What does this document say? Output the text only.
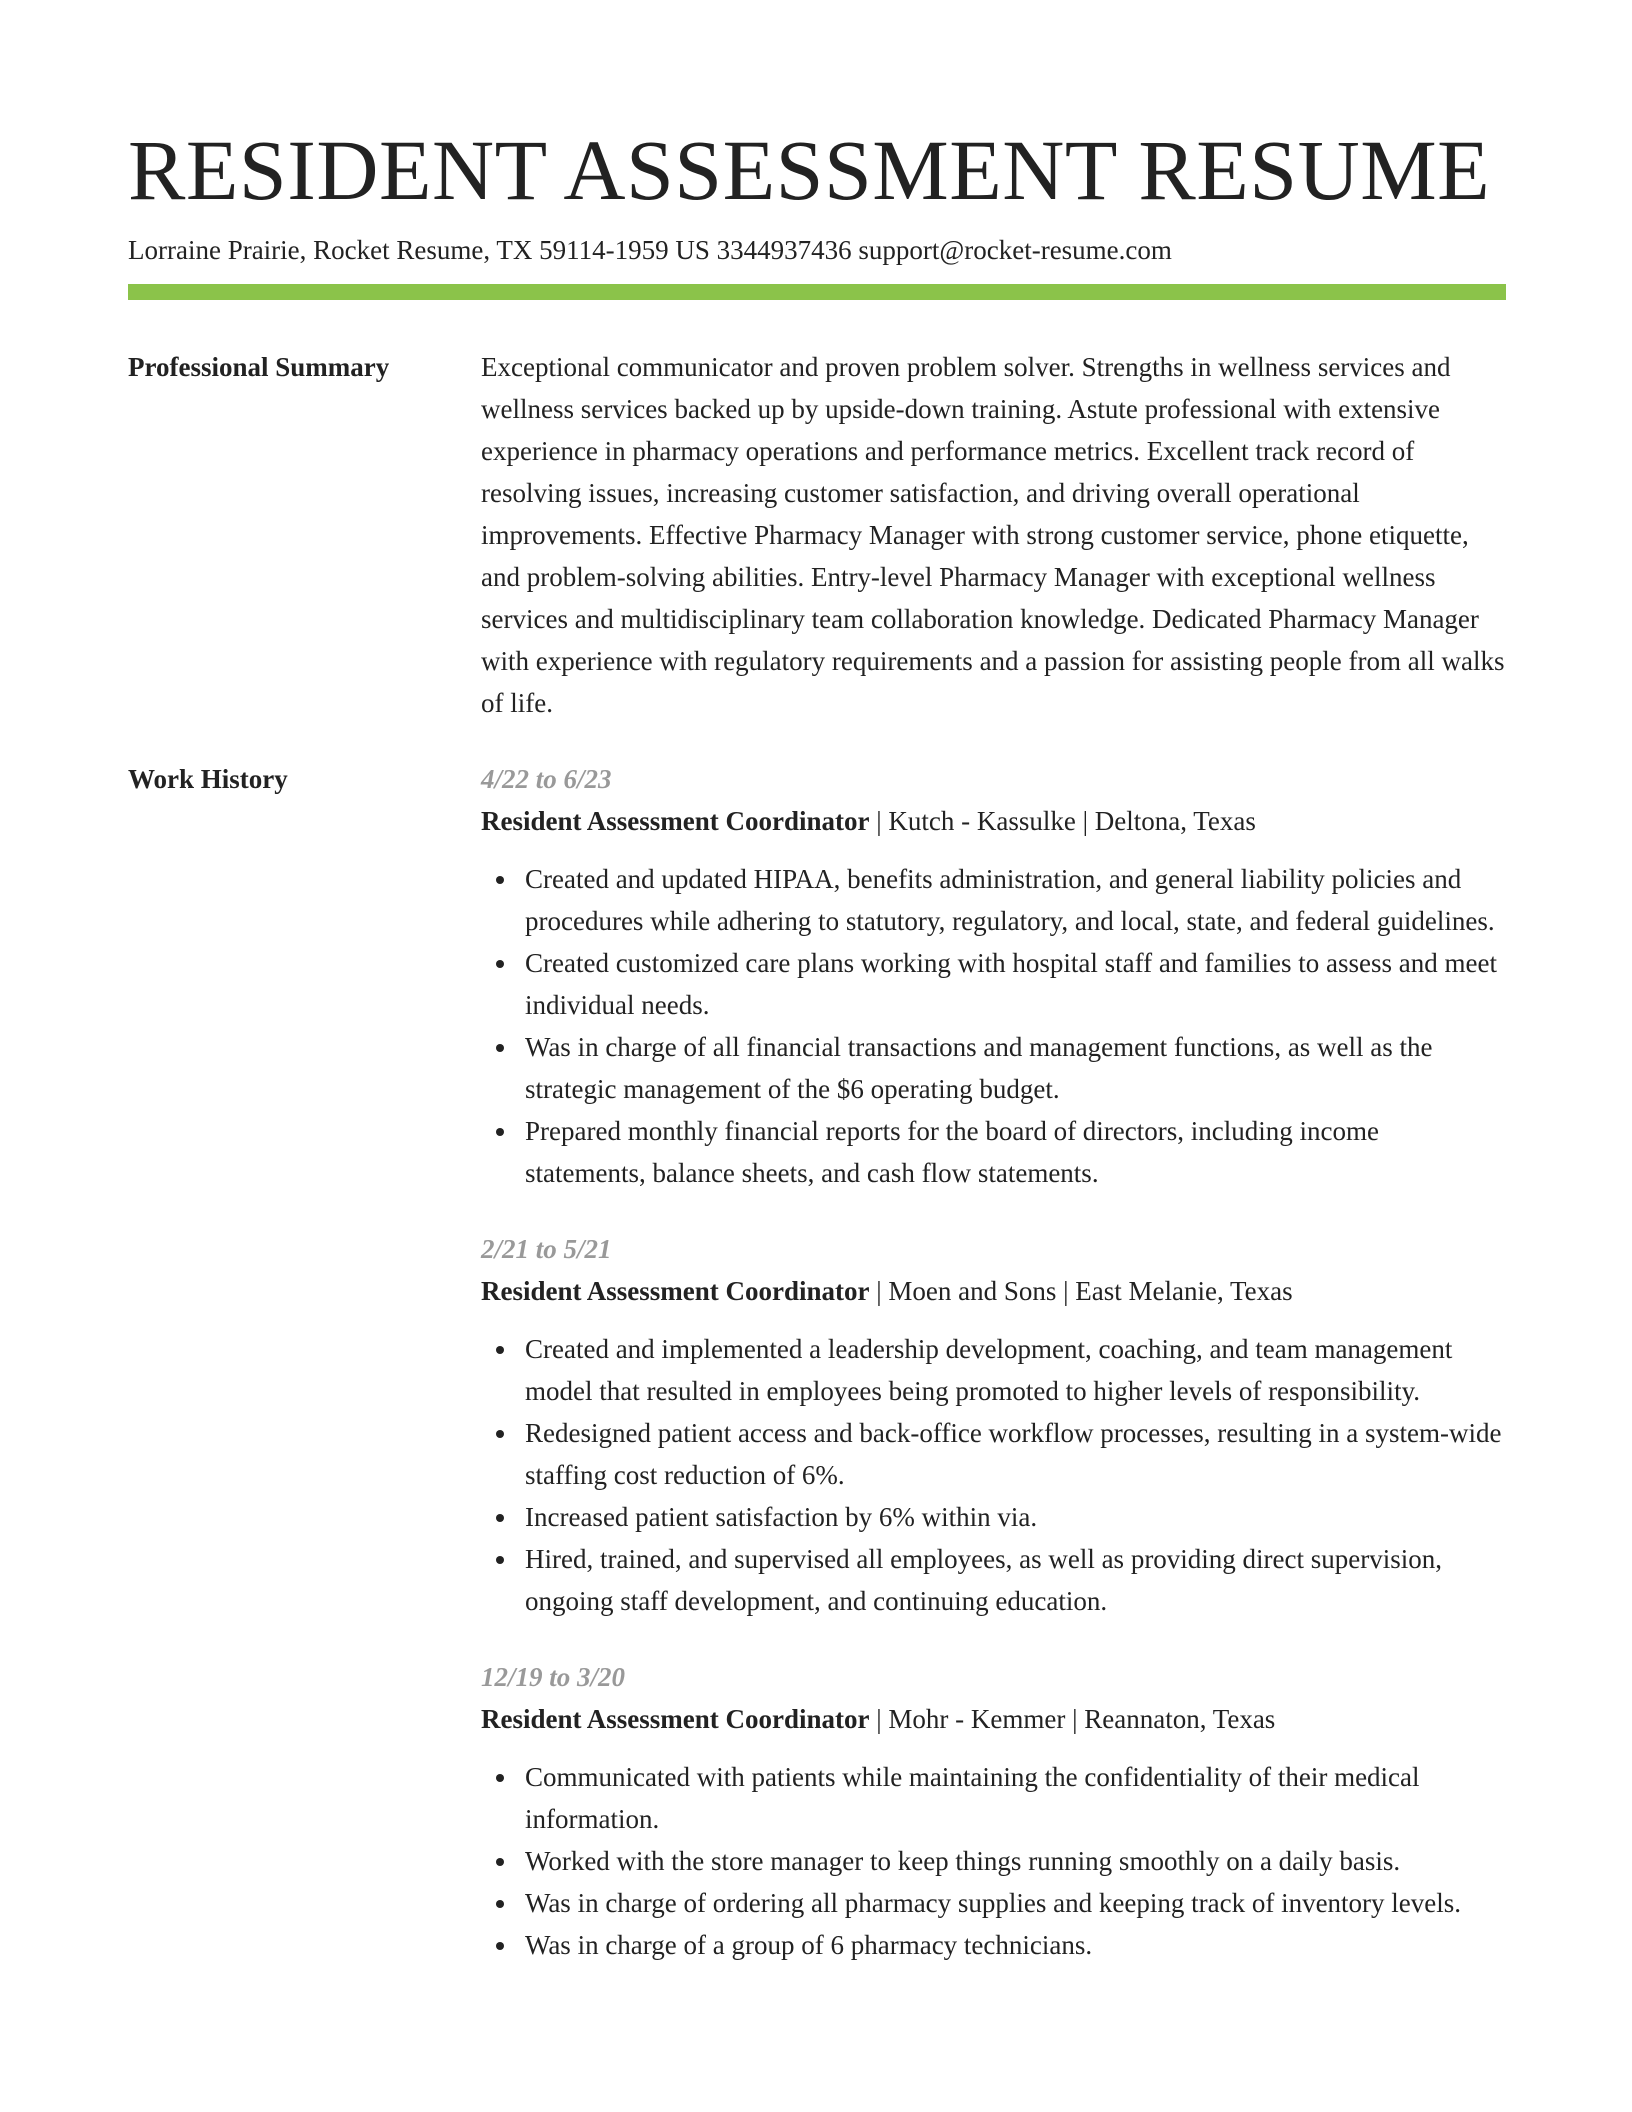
RESIDENT ASSESSMENT RESUME
Lorraine Prairie, Rocket Resume, TX 59114-1959 US 3344937436 support@rocket-resume.com
Professional Summary	Exceptional communicator and proven problem solver. Strengths in wellness services and wellness services backed up by upside-down training. Astute professional with extensive experience in pharmacy operations and performance metrics. Excellent track record of resolving issues, increasing customer satisfaction, and driving overall operational improvements. Effective Pharmacy Manager with strong customer service, phone etiquette, and problem-solving abilities. Entry-level Pharmacy Manager with exceptional wellness services and multidisciplinary team collaboration knowledge. Dedicated Pharmacy Manager with experience with regulatory requirements and a passion for assisting people from all walks of life.

Work History	4/22 to 6/23
Resident Assessment Coordinator | Kutch - Kassulke | Deltona, Texas
Created and updated HIPAA, benefits administration, and general liability policies and procedures while adhering to statutory, regulatory, and local, state, and federal guidelines.
Created customized care plans working with hospital staff and families to assess and meet individual needs.
Was in charge of all financial transactions and management functions, as well as the strategic management of the $6 operating budget.
Prepared monthly financial reports for the board of directors, including income statements, balance sheets, and cash flow statements.
2/21 to 5/21
Resident Assessment Coordinator | Moen and Sons | East Melanie, Texas
Created and implemented a leadership development, coaching, and team management model that resulted in employees being promoted to higher levels of responsibility.
Redesigned patient access and back-office workflow processes, resulting in a system-wide staffing cost reduction of 6%.
Increased patient satisfaction by 6% within via.
Hired, trained, and supervised all employees, as well as providing direct supervision, ongoing staff development, and continuing education.
12/19 to 3/20
Resident Assessment Coordinator | Mohr - Kemmer | Reannaton, Texas
Communicated with patients while maintaining the confidentiality of their medical information.
Worked with the store manager to keep things running smoothly on a daily basis.
Was in charge of ordering all pharmacy supplies and keeping track of inventory levels.
Was in charge of a group of 6 pharmacy technicians.
